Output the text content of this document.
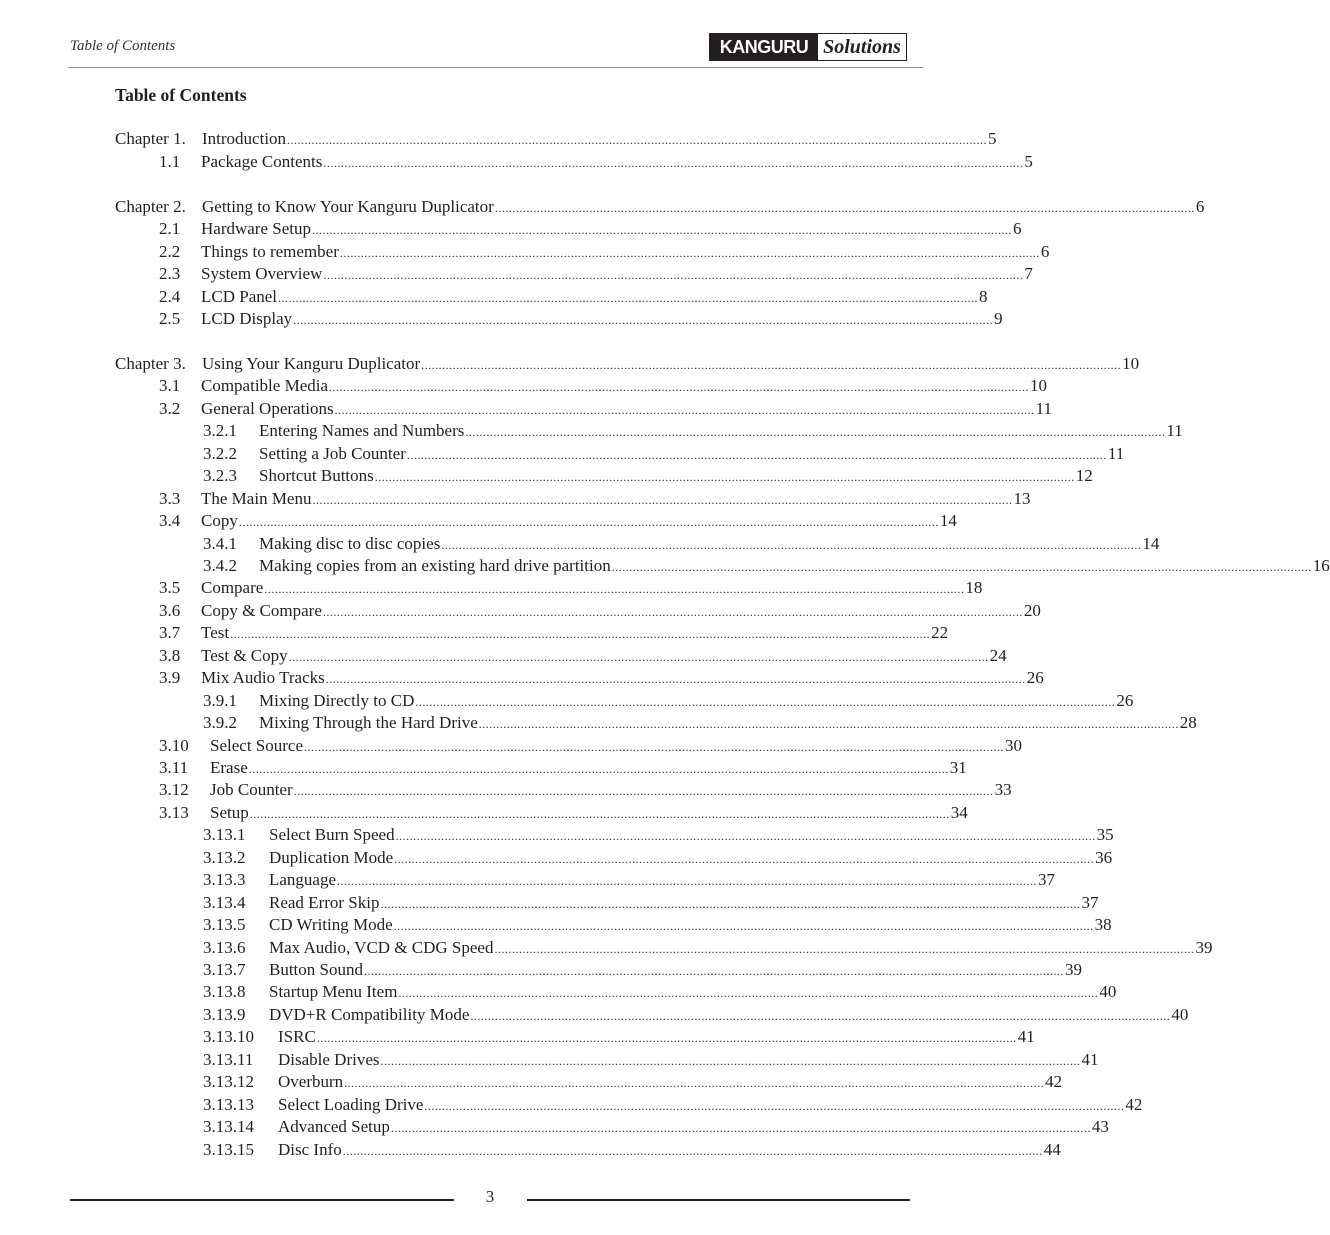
Table of Contents	KANGURU Solutions
Table of Contents
Chapter 1. Introduction ........................................................................................................................................................................................................ 5
1.1	Package Contents ........................................................................................................................................................................................................ 5
Chapter 2. Getting to Know Your Kanguru Duplicator ........................................................................................................................................................................................................ 6
2.1	Hardware Setup ........................................................................................................................................................................................................ 6
2.2	Things to remember ........................................................................................................................................................................................................ 6
2.3	System Overview ........................................................................................................................................................................................................ 7
2.4	LCD Panel ........................................................................................................................................................................................................ 8
2.5	LCD Display ........................................................................................................................................................................................................ 9
Chapter 3. Using Your Kanguru Duplicator ........................................................................................................................................................................................................ 10
3.1	Compatible Media ........................................................................................................................................................................................................ 10
3.2	General Operations ........................................................................................................................................................................................................ 11
3.2.1	Entering Names and Numbers ........................................................................................................................................................................................................ 11
3.2.2	Setting a Job Counter ........................................................................................................................................................................................................ 11
3.2.3	Shortcut Buttons ........................................................................................................................................................................................................ 12
3.3	The Main Menu ........................................................................................................................................................................................................ 13
3.4	Copy ........................................................................................................................................................................................................ 14
3.4.1	Making disc to disc copies ........................................................................................................................................................................................................ 14
3.4.2	Making copies from an existing hard drive partition ........................................................................................................................................................................................................ 16
3.5	Compare ........................................................................................................................................................................................................ 18
3.6	Copy & Compare ........................................................................................................................................................................................................ 20
3.7	Test ........................................................................................................................................................................................................ 22
3.8	Test & Copy ........................................................................................................................................................................................................ 24
3.9	Mix Audio Tracks ........................................................................................................................................................................................................ 26
3.9.1	Mixing Directly to CD ........................................................................................................................................................................................................ 26
3.9.2	Mixing Through the Hard Drive ........................................................................................................................................................................................................ 28
3.10	Select Source ........................................................................................................................................................................................................ 30
3.11	Erase ........................................................................................................................................................................................................ 31
3.12	Job Counter ........................................................................................................................................................................................................ 33
3.13	Setup ........................................................................................................................................................................................................ 34
3.13.1	Select Burn Speed ........................................................................................................................................................................................................ 35
3.13.2	Duplication Mode ........................................................................................................................................................................................................ 36
3.13.3	Language ........................................................................................................................................................................................................ 37
3.13.4	Read Error Skip ........................................................................................................................................................................................................ 37
3.13.5	CD Writing Mode ........................................................................................................................................................................................................ 38
3.13.6	Max Audio, VCD & CDG Speed ........................................................................................................................................................................................................ 39
3.13.7	Button Sound ........................................................................................................................................................................................................ 39
3.13.8	Startup Menu Item ........................................................................................................................................................................................................ 40
3.13.9	DVD+R Compatibility Mode ........................................................................................................................................................................................................ 40
3.13.10	ISRC ........................................................................................................................................................................................................ 41
3.13.11	Disable Drives ........................................................................................................................................................................................................ 41
3.13.12	Overburn ........................................................................................................................................................................................................ 42
3.13.13	Select Loading Drive ........................................................................................................................................................................................................ 42
3.13.14	Advanced Setup ........................................................................................................................................................................................................ 43
3.13.15	Disc Info ........................................................................................................................................................................................................ 44
3
